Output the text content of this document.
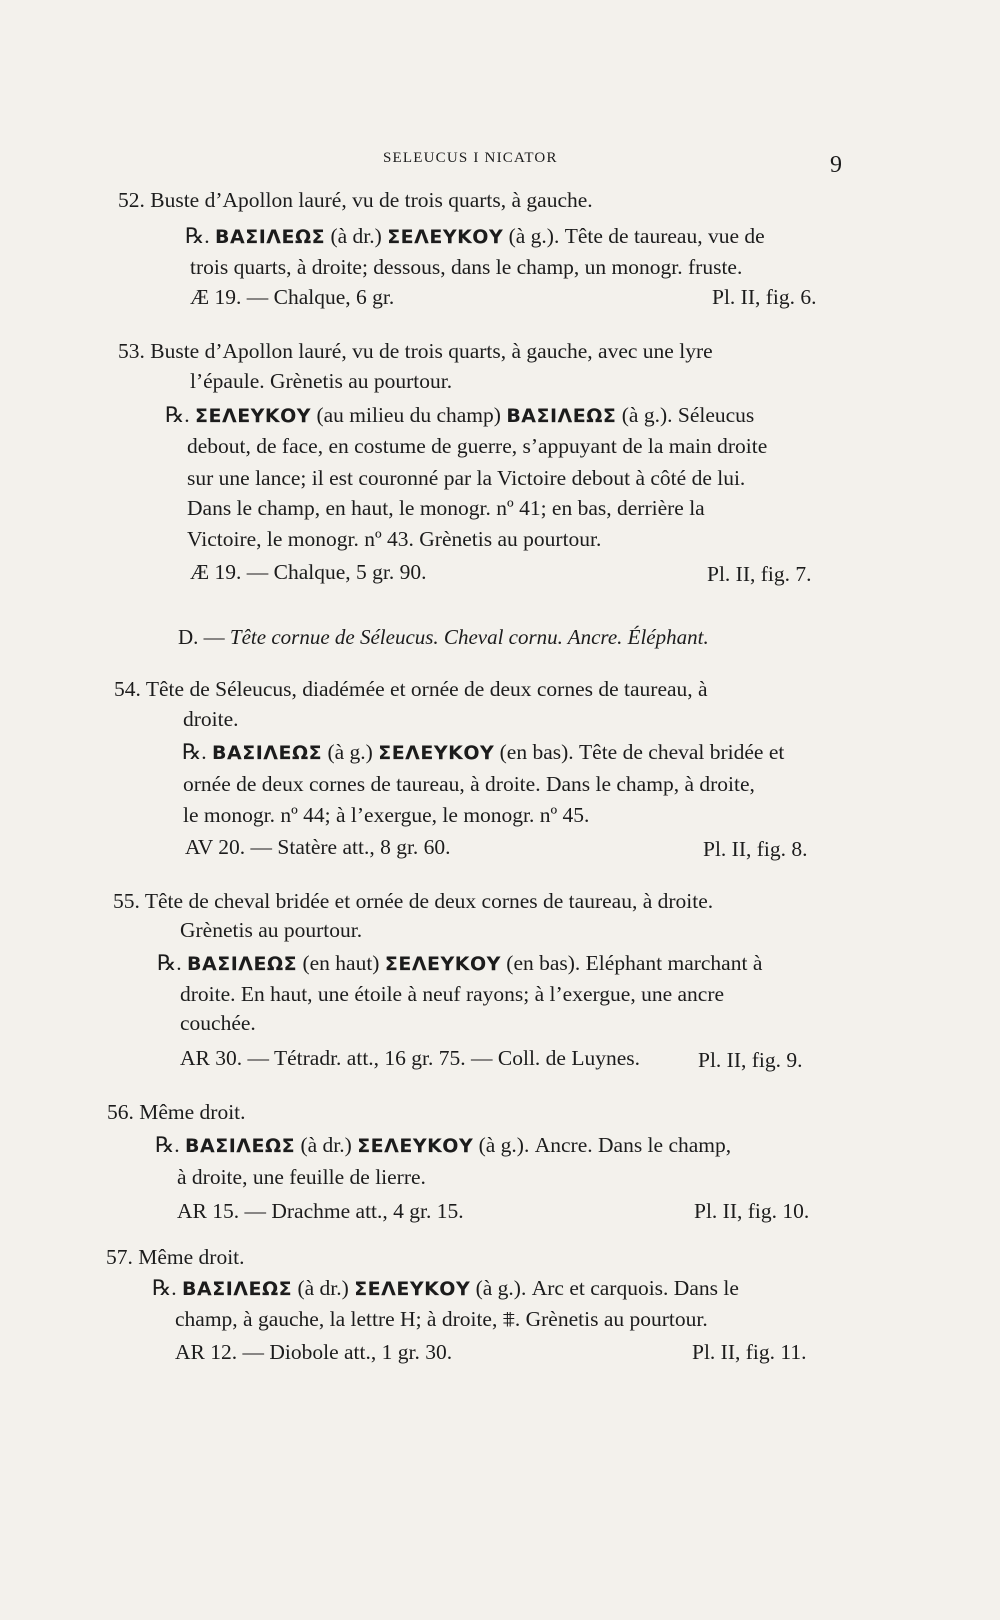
SELEUCUS I NICATOR	9
52. Buste d’Apollon lauré, vu de trois quarts, à gauche.
℞. ΒΑΣΙΛΕΩΣ (à dr.) ΣΕΛΕΥΚΟΥ (à g.). Tête de taureau, vue de
trois quarts, à droite; dessous, dans le champ, un monogr. fruste.
Æ 19. — Chalque, 6 gr.	Pl. II, fig. 6.
53. Buste d’Apollon lauré, vu de trois quarts, à gauche, avec une lyre
l’épaule. Grènetis au pourtour.
℞. ΣΕΛΕΥΚΟΥ (au milieu du champ) ΒΑΣΙΛΕΩΣ (à g.). Séleucus
debout, de face, en costume de guerre, s’appuyant de la main droite
sur une lance; il est couronné par la Victoire debout à côté de lui.
Dans le champ, en haut, le monogr. nº 41; en bas, derrière la
Victoire, le monogr. nº 43. Grènetis au pourtour.
Æ 19. — Chalque, 5 gr. 90.	Pl. II, fig. 7.
D. — Tête cornue de Séleucus. Cheval cornu. Ancre. Éléphant.
54. Tête de Séleucus, diadémée et ornée de deux cornes de taureau, à
droite.
℞. ΒΑΣΙΛΕΩΣ (à g.) ΣΕΛΕΥΚΟΥ (en bas). Tête de cheval bridée et
ornée de deux cornes de taureau, à droite. Dans le champ, à droite,
le monogr. nº 44; à l’exergue, le monogr. nº 45.
AV 20. — Statère att., 8 gr. 60.	Pl. II, fig. 8.
55. Tête de cheval bridée et ornée de deux cornes de taureau, à droite.
Grènetis au pourtour.
℞. ΒΑΣΙΛΕΩΣ (en haut) ΣΕΛΕΥΚΟΥ (en bas). Eléphant marchant à
droite. En haut, une étoile à neuf rayons; à l’exergue, une ancre
couchée.
AR 30. — Tétradr. att., 16 gr. 75. — Coll. de Luynes.	Pl. II, fig. 9.
56. Même droit.
℞. ΒΑΣΙΛΕΩΣ (à dr.) ΣΕΛΕΥΚΟΥ (à g.). Ancre. Dans le champ,
à droite, une feuille de lierre.
AR 15. — Drachme att., 4 gr. 15.	Pl. II, fig. 10.
57. Même droit.
℞. ΒΑΣΙΛΕΩΣ (à dr.) ΣΕΛΕΥΚΟΥ (à g.). Arc et carquois. Dans le
champ, à gauche, la lettre Η; à droite, ⩨. Grènetis au pourtour.
AR 12. — Diobole att., 1 gr. 30.	Pl. II, fig. 11.
